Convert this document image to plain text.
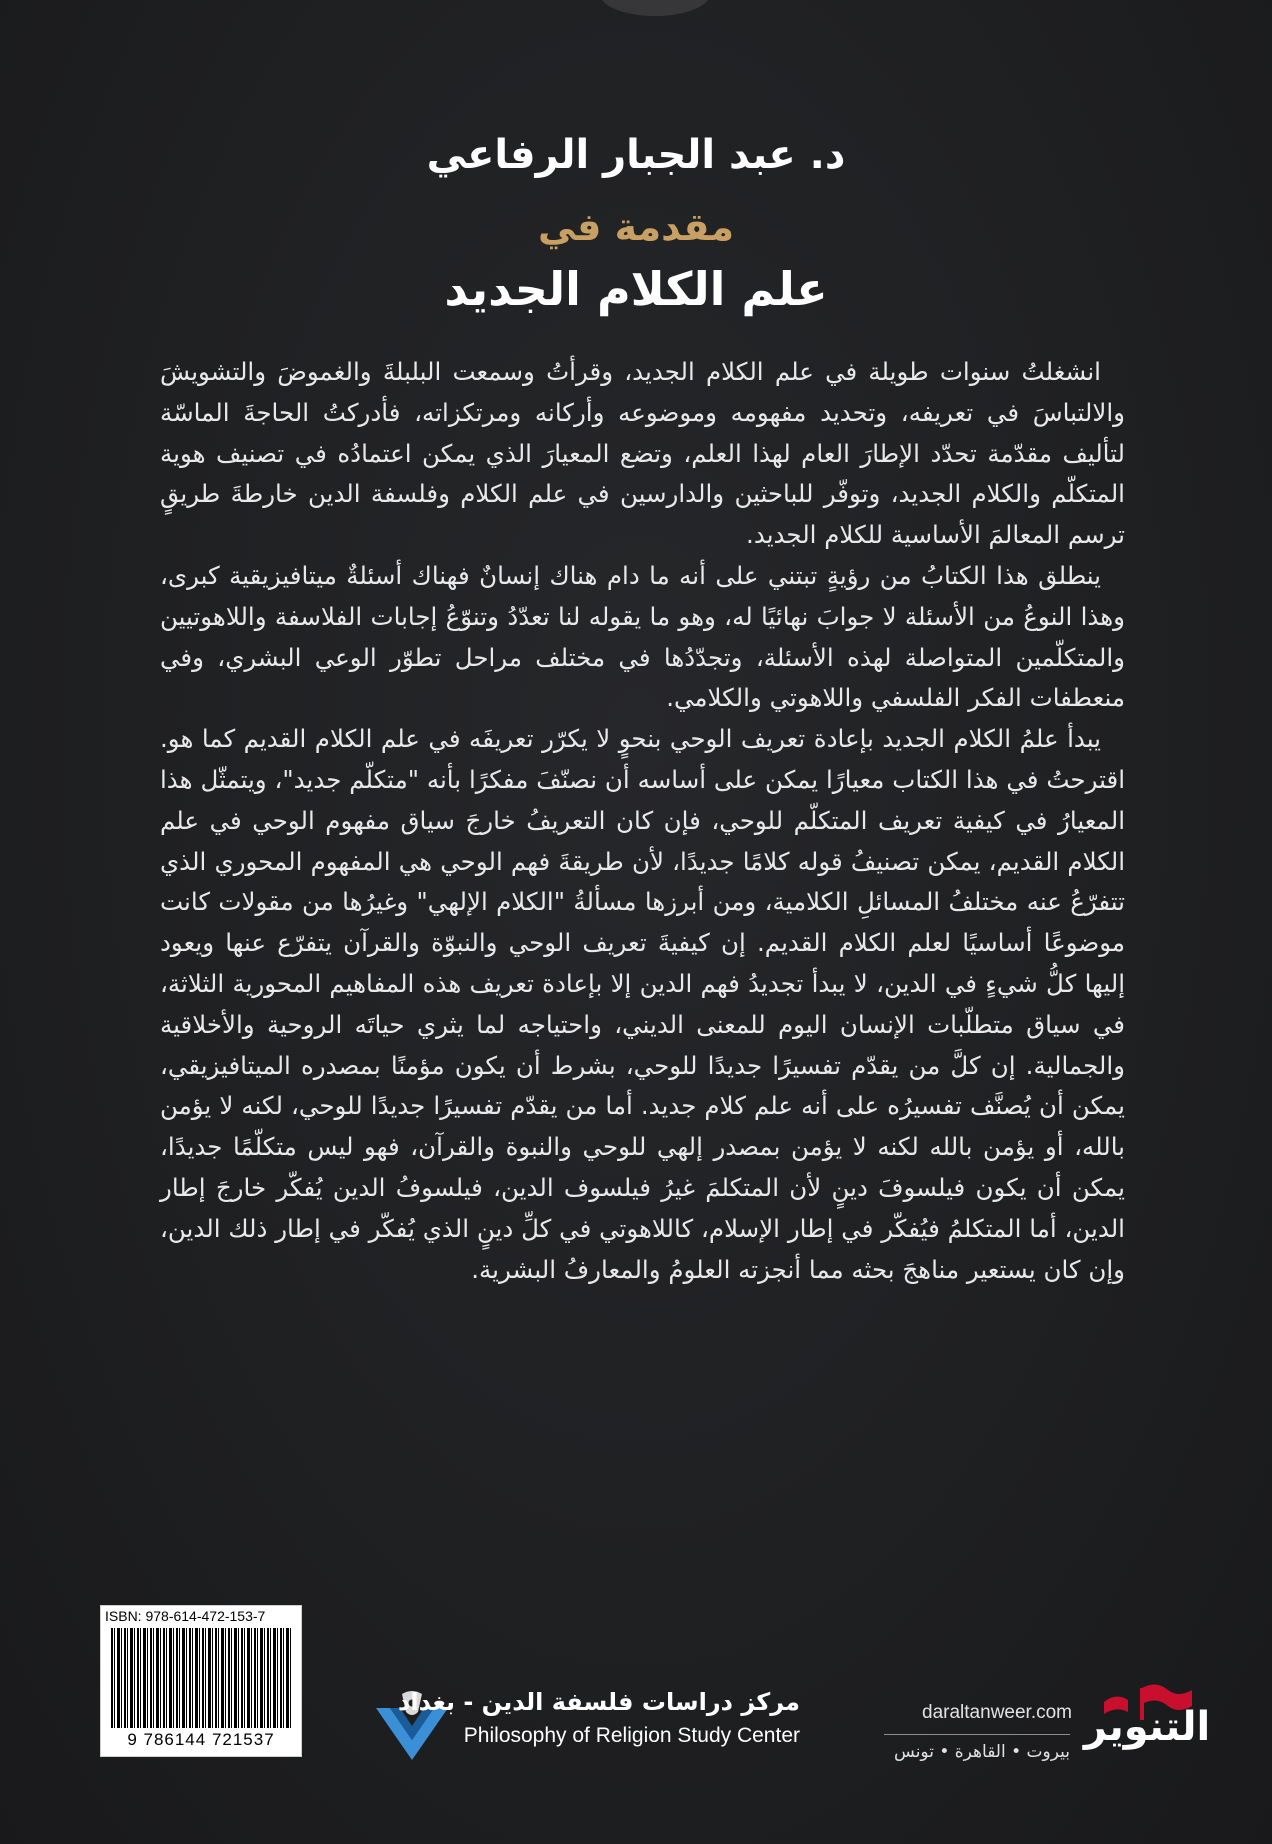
د. عبد الجبار الرفاعي
مقدمة في
علم الكلام الجديد

انشغلتُ سنوات طويلة في علم الكلام الجديد، وقرأتُ وسمعت البلبلةَ والغموضَ والتشويشَ والالتباسَ في تعريفه، وتحديد مفهومه وموضوعه وأركانه ومرتكزاته، فأدركتُ الحاجةَ الماسّة لتأليف مقدّمة تحدّد الإطارَ العام لهذا العلم، وتضع المعيارَ الذي يمكن اعتمادُه في تصنيف هوية المتكلّم والكلام الجديد، وتوفّر للباحثين والدارسين في علم الكلام وفلسفة الدين خارطةَ طريقٍ ترسم المعالمَ الأساسية للكلام الجديد.

ينطلق هذا الكتابُ من رؤيةٍ تبتني على أنه ما دام هناك إنسانٌ فهناك أسئلةٌ ميتافيزيقية كبرى، وهذا النوعُ من الأسئلة لا جوابَ نهائيًا له، وهو ما يقوله لنا تعدّدُ وتنوّعُ إجابات الفلاسفة واللاهوتيين والمتكلّمين المتواصلة لهذه الأسئلة، وتجدّدُها في مختلف مراحل تطوّر الوعي البشري، وفي منعطفات الفكر الفلسفي واللاهوتي والكلامي.

يبدأ علمُ الكلام الجديد بإعادة تعريف الوحي بنحوٍ لا يكرّر تعريفَه في علم الكلام القديم كما هو. اقترحتُ في هذا الكتاب معيارًا يمكن على أساسه أن نصنّفَ مفكرًا بأنه "متكلّم جديد"، ويتمثّل هذا المعيارُ في كيفية تعريف المتكلّم للوحي، فإن كان التعريفُ خارجَ سياق مفهوم الوحي في علم الكلام القديم، يمكن تصنيفُ قوله كلامًا جديدًا، لأن طريقةَ فهم الوحي هي المفهوم المحوري الذي تتفرّعُ عنه مختلفُ المسائلِ الكلامية، ومن أبرزها مسألةُ "الكلام الإلهي" وغيرُها من مقولات كانت موضوعًا أساسيًا لعلم الكلام القديم. إن كيفيةَ تعريف الوحي والنبوّة والقرآن يتفرّع عنها ويعود إليها كلُّ شيءٍ في الدين، لا يبدأ تجديدُ فهم الدين إلا بإعادة تعريف هذه المفاهيم المحورية الثلاثة، في سياق متطلّبات الإنسان اليوم للمعنى الديني، واحتياجه لما يثري حياتَه الروحية والأخلاقية والجمالية. إن كلَّ من يقدّم تفسيرًا جديدًا للوحي، بشرط أن يكون مؤمنًا بمصدره الميتافيزيقي، يمكن أن يُصنَّف تفسيرُه على أنه علم كلام جديد. أما من يقدّم تفسيرًا جديدًا للوحي، لكنه لا يؤمن بالله، أو يؤمن بالله لكنه لا يؤمن بمصدر إلهي للوحي والنبوة والقرآن، فهو ليس متكلّمًا جديدًا، يمكن أن يكون فيلسوفَ دينٍ لأن المتكلمَ غيرُ فيلسوف الدين، فيلسوفُ الدين يُفكّر خارجَ إطار الدين، أما المتكلمُ فيُفكّر في إطار الإسلام، كاللاهوتي في كلِّ دينٍ الذي يُفكّر في إطار ذلك الدين، وإن كان يستعير مناهجَ بحثه مما أنجزته العلومُ والمعارفُ البشرية.

ISBN: 978-614-472-153-7
9 786144 721537
مركز دراسات فلسفة الدين - بغداد
Philosophy of Religion Study Center
daraltanweer.com
بيروت • القاهرة • تونس
التنوير
